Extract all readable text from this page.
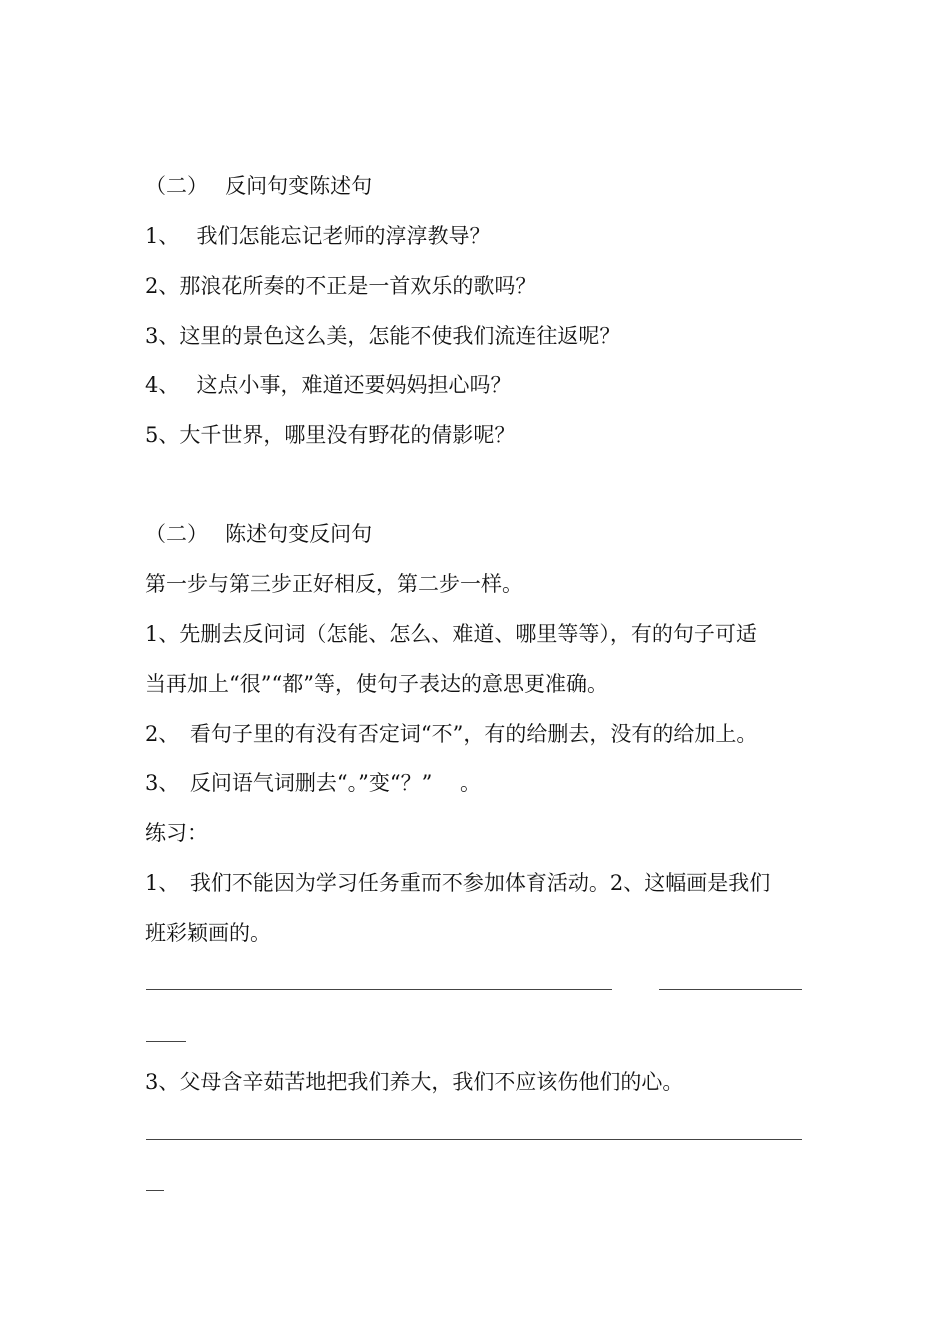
（二）　 反问句变陈述句
1、　 我们怎能忘记老师的淳淳教导？
2、那浪花所奏的不正是一首欢乐的歌吗？
3、这里的景色这么美，怎能不使我们流连往返呢？
4、　 这点小事，难道还要妈妈担心吗？
5、大千世界，哪里没有野花的倩影呢？
（二）　 陈述句变反问句
第一步与第三步正好相反，第二步一样。
1、先删去反问词（怎能、怎么、难道、哪里等等），有的句子可适
当再加上“很”“都”等，使句子表达的意思更准确。
2、　看句子里的有没有否定词“不”，有的给删去，没有的给加上。
3、　反问语气词删去“。”变“？”　 。
练习：
1、　我们不能因为学习任务重而不参加体育活动。2、这幅画是我们
班彩颖画的。
3、父母含辛茹苦地把我们养大，我们不应该伤他们的心。
